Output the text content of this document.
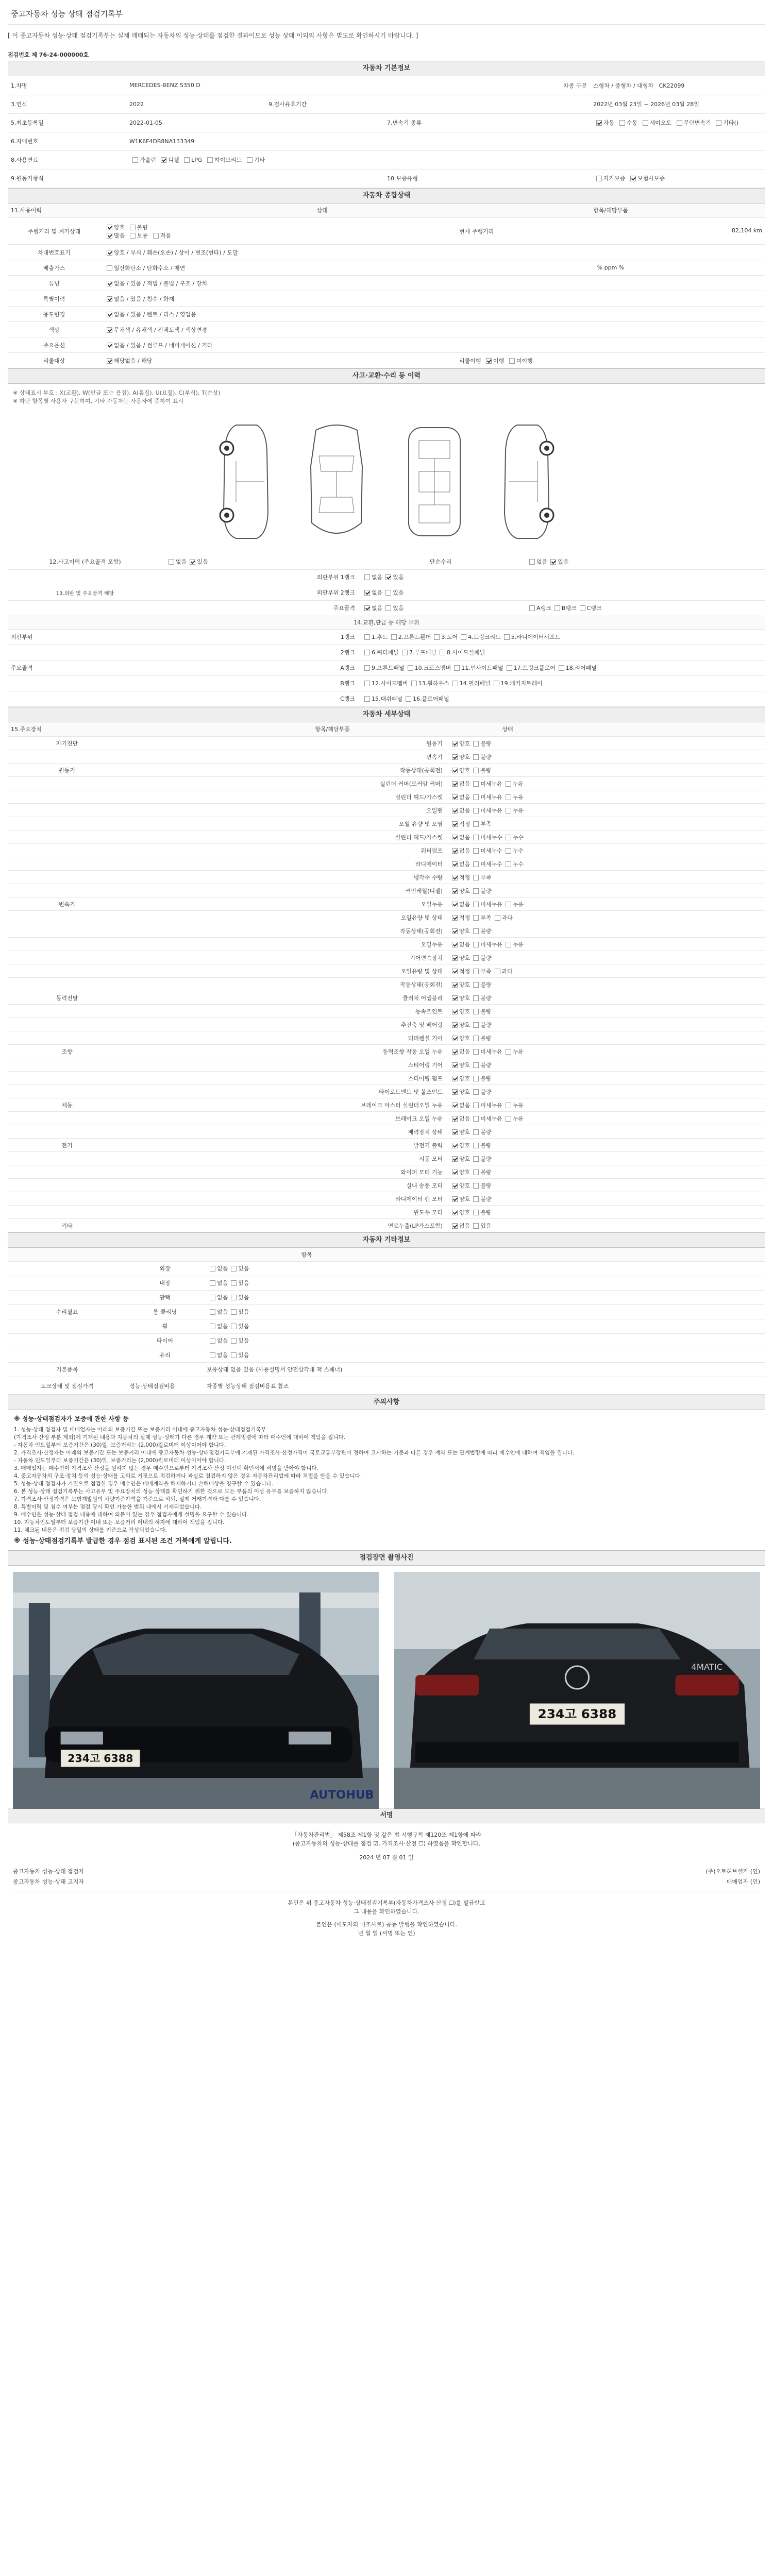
중고자동차 성능 상태 점검기록부
[ 이 중고자동차 성능·상태 점검기록부는 실제 매매되는 자동차의 성능·상태를 점검한 결과이므로 성능 상태 이외의 사항은 별도로 확인하시기 바랍니다. ]
점검번호 제 76-24-000000호
자동차 기본정보
1.차명	MERCEDES-BENZ S350 D			차종 구분	소형차 / 중형차 / 대형차 CK22099
3.연식	2022	9.검사유효기간			2022년 03월 23일 ~ 2026년 03월 28일
5.최초등록일	2022-01-05		7.변속기 종류		자동 수동 세미오토 무단변속기 기타()
6.차대번호	W1K6F4DB8NA133349				
8.사용연료	가솔린 디젤 LPG 하이브리드 기타				
9.원동기형식			10.보증유형		자가보증 보험사보증
자동차 종합상태
11.사용이력		상태	항목/해당부품
주행거리 및 계기상태	양호 불량
많음 보통 적음		현재 주행거리 82,104 km

차대번호표기	양호 / 부식 / 훼손(오손) / 상이 / 변조(변타) / 도말		
배출가스	일산화탄소 / 탄화수소 / 매연		% ppm %
튜닝	없음 / 있음 / 적법 / 불법 / 구조 / 장치		
특별이력	없음 / 있음 / 침수 / 화재		
용도변경	없음 / 있음 / 렌트 / 리스 / 영업용		
색상	무채색 / 유채색 / 전체도색 / 색상변경		
주요옵션	없음 / 있음 / 썬루프 / 네비게이션 / 기타		
리콜대상	해당없음 / 해당		리콜이행 이행 미이행
사고·교환·수리 등 이력
※ 상태표시 부호 : X(교환), W(판금 또는 용접), A(흠집), U(요철), C(부식), T(손상)
※ 하단 항목별 사용자 구분하며, 기타 자동차는 사용자에 준하여 표시
12.사고이력 (주요골격 포함)	없음 있음	단순수리	없음 있음
	외판부위 1랭크	없음 있음	
13.외판 및 주요골격 해당	외판부위 2랭크	없음 있음	
	주요골격	없음 있음	A랭크 B랭크 C랭크
14.교환,판금 등 해당 부위			
외판부위	1랭크	1.후드 2.프론트휀더 3.도어 4.트렁크리드 5.라디에이터서포트	
	2랭크	6.쿼터패널 7.루프패널 8.사이드실패널	
주요골격	A랭크	9.프론트패널 10.크로스멤버 11.인사이드패널 17.트렁크플로어 18.리어패널	
	B랭크	12.사이드멤버 13.휠하우스 14.필러패널 19.패키지트레이	
	C랭크	15.대쉬패널 16.플로어패널	
자동차 세부상태
15.주요장치		항목/해당부품	상태	
자기진단		원동기	양호 불량	
		변속기	양호 불량	
원동기		작동상태(공회전)	양호 불량	
		실린더 커버(로커암 커버)	없음 미세누유 누유	
		실린더 헤드/가스켓	없음 미세누유 누유	
		오일팬	없음 미세누유 누유	
		오일 유량 및 오염	적정 부족	
		실린더 헤드/가스켓	없음 미세누수 누수	
		워터펌프	없음 미세누수 누수	
		라디에이터	없음 미세누수 누수	
		냉각수 수량	적정 부족	
		커먼레일(디젤)	양호 불량	
변속기		오일누유	없음 미세누유 누유	
		오일유량 및 상태	적정 부족 과다	
		작동상태(공회전)	양호 불량	
		오일누유	없음 미세누유 누유	
		기어변속장치	양호 불량	
		오일유량 및 상태	적정 부족 과다	
		작동상태(공회전)	양호 불량	
동력전달		클러치 어셈블리	양호 불량	
		등속조인트	양호 불량	
		추진축 및 베어링	양호 불량	
		디퍼렌셜 기어	양호 불량	
조향		동력조향 작동 오일 누유	없음 미세누유 누유	
		스티어링 기어	양호 불량	
		스티어링 펌프	양호 불량	
		타이로드엔드 및 볼조인트	양호 불량	
제동		브레이크 마스터 실린더오일 누유	없음 미세누유 누유	
		브레이크 오일 누유	없음 미세누유 누유	
		배력장치 상태	양호 불량	
전기		발전기 출력	양호 불량	
		시동 모터	양호 불량	
		와이퍼 모터 기능	양호 불량	
		실내 송풍 모터	양호 불량	
		라디에이터 팬 모터	양호 불량	
		윈도우 모터	양호 불량	
기타		연료누출(LP가스포함)	없음 있음	
자동차 기타정보
		항목	
	외장	없음 있음	
	내장	없음 있음	
	광택	없음 있음	
수리필요	룸 클리닝	없음 있음	
	휠	없음 있음	
	타이어	없음 있음	
	유리	없음 있음	
기본품목		보유상태 없음 있음 (사용설명서 안전삼각대 잭 스패너)
토크상태 및 점검가격	성능·상태점검비용	차종별 성능상태 점검비용표 참조
주의사항
※ 성능·상태점검자가 보증에 관한 사항 등
1. 성능·상태 점검자 및 매매업자는 아래의 보증기간 또는 보증거리 이내에 중고자동차 성능·상태점검기록부
(가격조사·산정 부분 제외)에 기재된 내용과 자동차의 실제 성능·상태가 다른 경우 계약 또는 관계법령에 따라 매수인에 대하여 책임을 집니다.
- 자동차 인도일부터 보증기간은 (30)일, 보증거리는 (2,000)킬로미터 이상이어야 합니다.
2. 가격조사·산정자는 아래의 보증기간 또는 보증거리 이내에 중고자동차 성능·상태점검기록부에 기재된 가격조사·산정가격이 국토교통부장관이 정하여 고시하는 기준과 다른 경우 계약 또는 관계법령에 따라 매수인에 대하여 책임을 집니다.
- 자동차 인도일부터 보증기간은 (30)일, 보증거리는 (2,000)킬로미터 이상이어야 합니다.
3. 매매업자는 매수인이 가격조사·산정을 원하지 않는 경우 매수인으로부터 가격조사·산정 미선택 확인서에 서명을 받아야 합니다.
4. 중고자동차의 구조·장치 등의 성능·상태를 고의로 거짓으로 점검하거나 과실로 점검하지 않은 경우 자동차관리법에 따라 처벌을 받을 수 있습니다.
5. 성능·상태 점검자가 거짓으로 점검한 경우 매수인은 매매계약을 해제하거나 손해배상을 청구할 수 있습니다.
6. 본 성능·상태 점검기록부는 사고유무 및 주요장치의 성능·상태를 확인하기 위한 것으로 모든 부품의 이상 유무를 보증하지 않습니다.
7. 가격조사·산정가격은 보험개발원의 차량기준가액을 기준으로 하되, 실제 거래가격과 다를 수 있습니다.
8. 특별이력 및 침수 여부는 점검 당시 확인 가능한 범위 내에서 기재되었습니다.
9. 매수인은 성능·상태 점검 내용에 대하여 의문이 있는 경우 점검자에게 설명을 요구할 수 있습니다.
10. 자동차인도일부터 보증기간 이내 또는 보증거리 이내의 하자에 대하여 책임을 집니다.
11. 체크된 내용은 점검 당일의 상태를 기준으로 작성되었습니다.
※ 성능·상태점검기록부 발급한 경우 점검 표시된 조건 거북에게 알립니다.
점검장면 촬영사진
234고 6388
AUTOHUB
234고 6388
4MATIC
서명
「자동차관리법」 제58조 제1항 및 같은 법 시행규칙 제120조 제1항에 따라
(중고자동차의 성능·상태를 점검 ☑, 가격조사·산정 ☐) 하였음을 확인합니다.
2024 년 07 월 01 일
중고자동차 성능·상태 점검자	(주)오토허브셀카 (인)
중고자동차 성능·상태 고지자	매매업자 (인)
본인은 위 중고자동차 성능·상태점검기록부(자동차가격조사·산정 ☐)를 발급받고
그 내용을 확인하였습니다.
본인은 (매도자의 미조사로) 공동 발행을 확인하였습니다.
년 월 일 (서명 또는 인)
